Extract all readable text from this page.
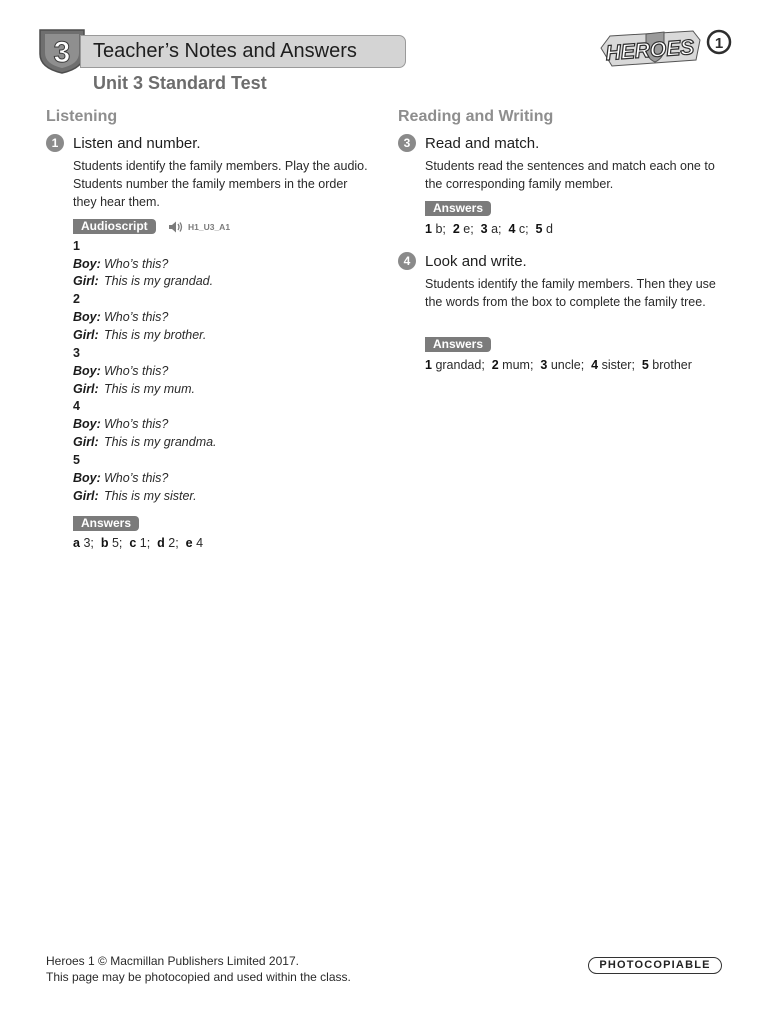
3 Teacher’s Notes and Answers
Unit 3 Standard Test
HEROES 1
Listening
1 Listen and number.
Students identify the family members. Play the audio. Students number the family members in the order they hear them.
Audioscript	H1_U3_A1
1
Boy: Who’s this?
Girl: This is my grandad.
2
Boy: Who’s this?
Girl: This is my brother.
3
Boy: Who’s this?
Girl: This is my mum.
4
Boy: Who’s this?
Girl: This is my grandma.
5
Boy: Who’s this?
Girl: This is my sister.
Answers
a 3;  b 5;  c 1;  d 2;  e 4
Reading and Writing
3 Read and match.
Students read the sentences and match each one to the corresponding family member.
Answers
1 b;  2 e;  3 a;  4 c;  5 d
4 Look and write.
Students identify the family members. Then they use the words from the box to complete the family tree.
Answers
1 grandad;  2 mum;  3 uncle;  4 sister;  5 brother
Heroes 1 © Macmillan Publishers Limited 2017.
This page may be photocopied and used within the class.
PHOTOCOPIABLE
